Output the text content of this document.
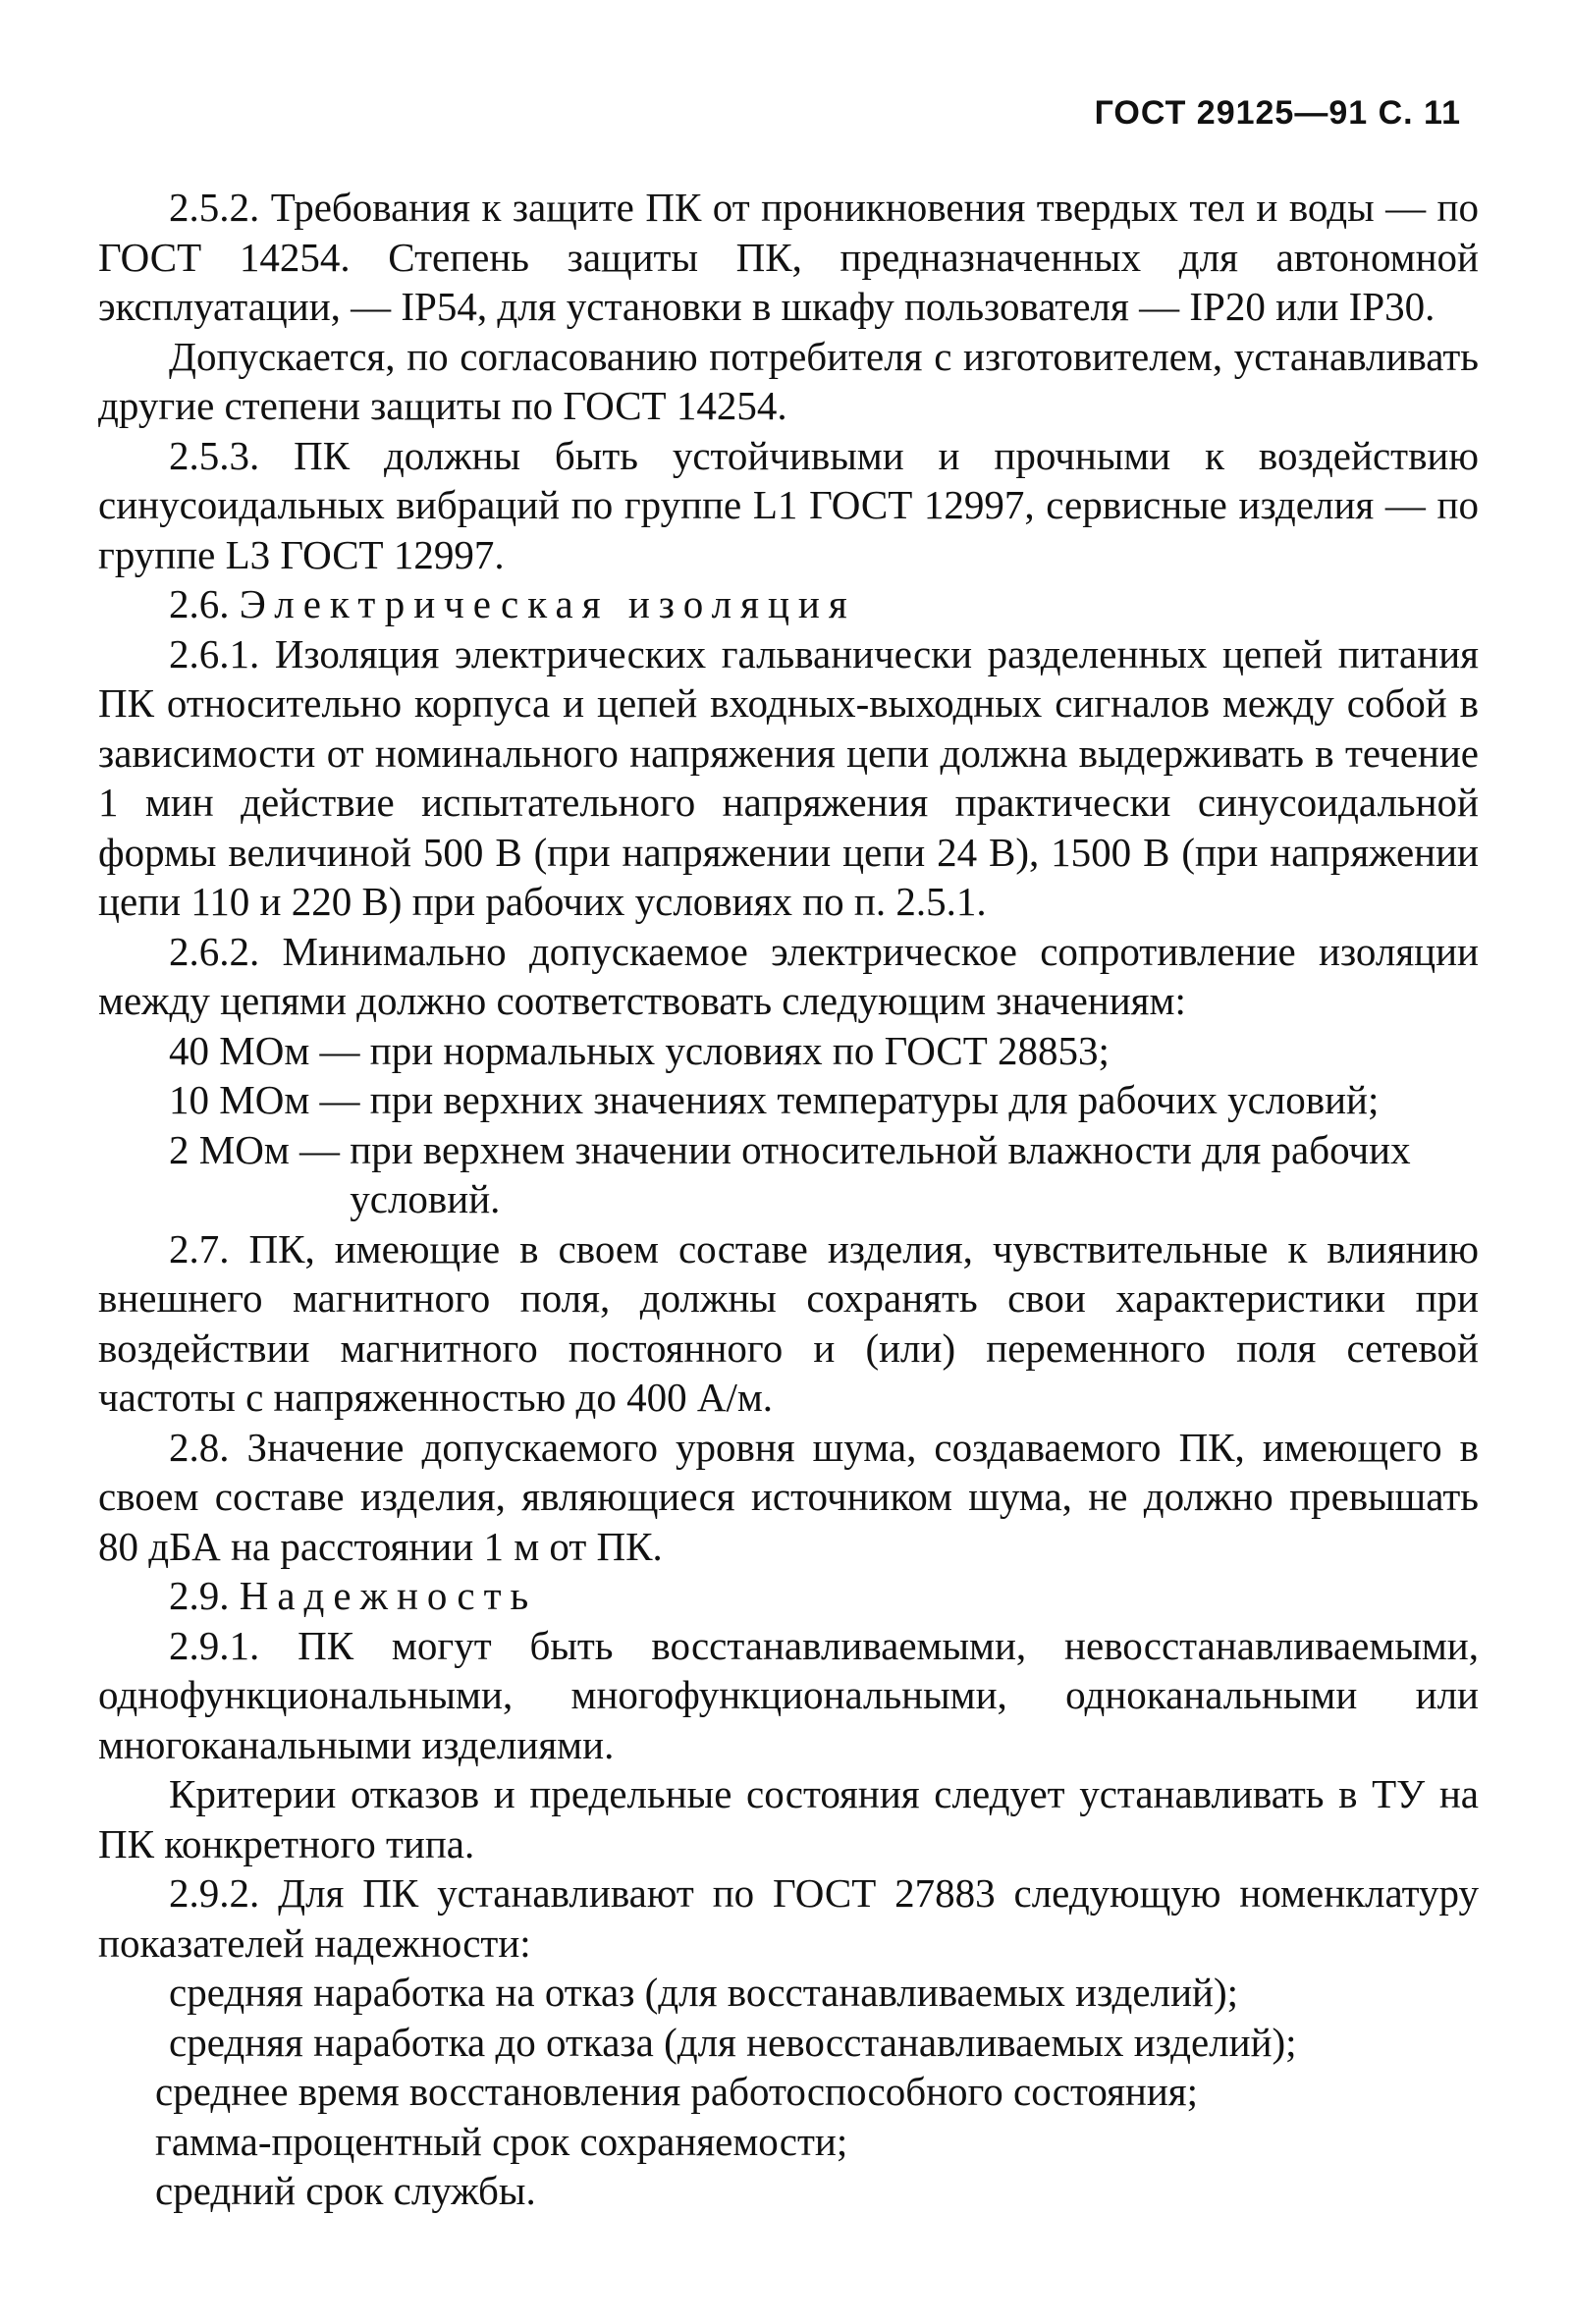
ГОСТ 29125—91 С. 11

2.5.2. Требования к защите ПК от проникновения твердых тел и воды — по ГОСТ 14254. Степень защиты ПК, предназначенных для автономной эксплуатации, — IP54, для установки в шкафу пользователя — IP20 или IP30.

Допускается, по согласованию потребителя с изготовителем, устанавливать другие степени защиты по ГОСТ 14254.

2.5.3. ПК должны быть устойчивыми и прочными к воздействию синусоидальных вибраций по группе L1 ГОСТ 12997, сервисные изделия — по группе L3 ГОСТ 12997.

2.6. Электрическая изоляция

2.6.1. Изоляция электрических гальванически разделенных цепей питания ПК относительно корпуса и цепей входных-выходных сигналов между собой в зависимости от номинального напряжения цепи должна выдерживать в течение 1 мин действие испытательного напряжения практически синусоидальной формы величиной 500 В (при напряжении цепи 24 В), 1500 В (при напряжении цепи 110 и 220 В) при рабочих условиях по п. 2.5.1.

2.6.2. Минимально допускаемое электрическое сопротивление изоляции между цепями должно соответствовать следующим значениям:

40 МОм — при нормальных условиях по ГОСТ 28853;
10 МОм — при верхних значениях температуры для рабочих условий;
2 МОм — при верхнем значении относительной влажности для рабочих условий.

2.7. ПК, имеющие в своем составе изделия, чувствительные к влиянию внешнего магнитного поля, должны сохранять свои характеристики при воздействии магнитного постоянного и (или) переменного поля сетевой частоты с напряженностью до 400 А/м.

2.8. Значение допускаемого уровня шума, создаваемого ПК, имеющего в своем составе изделия, являющиеся источником шума, не должно превышать 80 дБА на расстоянии 1 м от ПК.

2.9. Надежность

2.9.1. ПК могут быть восстанавливаемыми, невосстанавливаемыми, однофункциональными, многофункциональными, одноканальными или многоканальными изделиями.

Критерии отказов и предельные состояния следует устанавливать в ТУ на ПК конкретного типа.

2.9.2. Для ПК устанавливают по ГОСТ 27883 следующую номенклатуру показателей надежности:

средняя наработка на отказ (для восстанавливаемых изделий);

средняя наработка до отказа (для невосстанавливаемых изделий);

среднее время восстановления работоспособного состояния;

гамма-процентный срок сохраняемости;

средний срок службы.
